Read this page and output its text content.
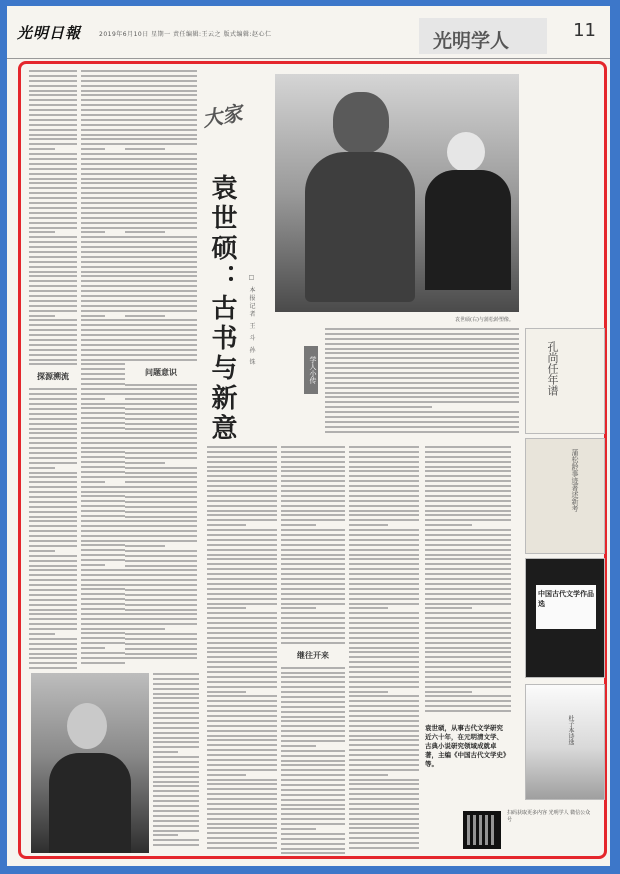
光明日報	2019年6月10日 星期一 责任编辑:王云之 版式编辑:赵心仁	光明学人	11
探源溯流
问题意识
大家
袁世硕：古书与新意	□ 本报记者 王 斗 孙 铢	袁世硕(右)与蒲松龄塑像。
学人小传
继往开来
袁世硕，从事古代文学研究近六十年，在元明清文学、古典小说研究领域成就卓著，主编《中国古代文学史》等。
孔尚任年谱
蒲松龄事迹著述新考
中国古代文学作品选
杜子本诗选
扫码获取更多内容 光明学人 微信公众号
